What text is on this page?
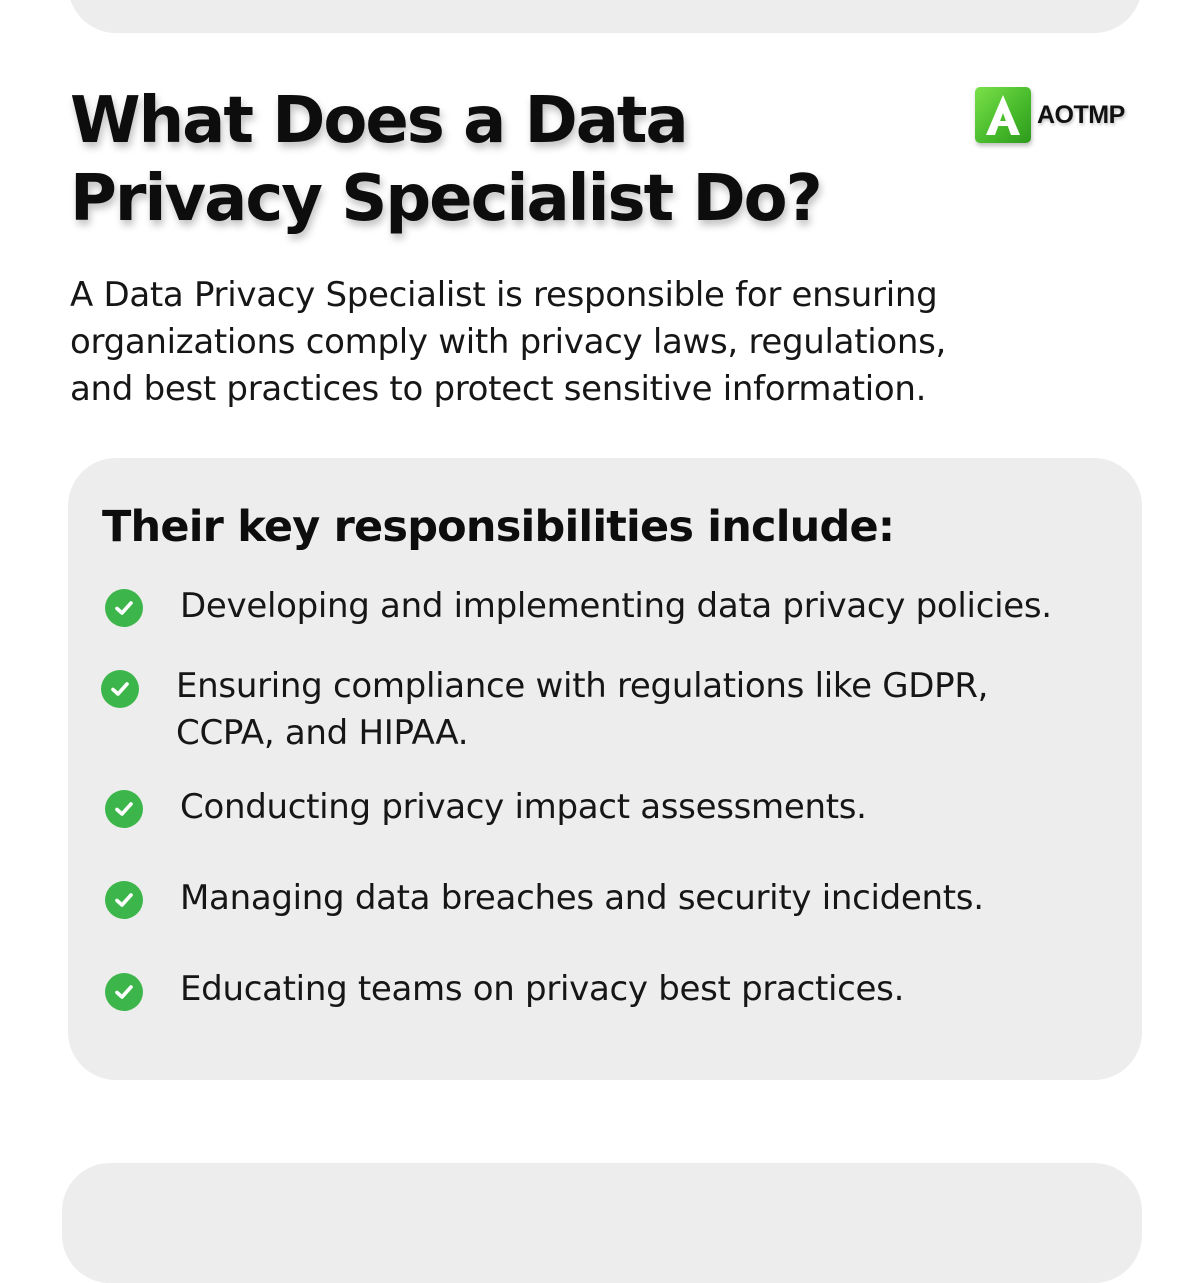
What Does a Data
Privacy Specialist Do?
AOTMP

A Data Privacy Specialist is responsible for ensuring
organizations comply with privacy laws, regulations,
and best practices to protect sensitive information.

Their key responsibilities include:
Developing and implementing data privacy policies.
Ensuring compliance with regulations like GDPR,
CCPA, and HIPAA.
Conducting privacy impact assessments.
Managing data breaches and security incidents.
Educating teams on privacy best practices.
